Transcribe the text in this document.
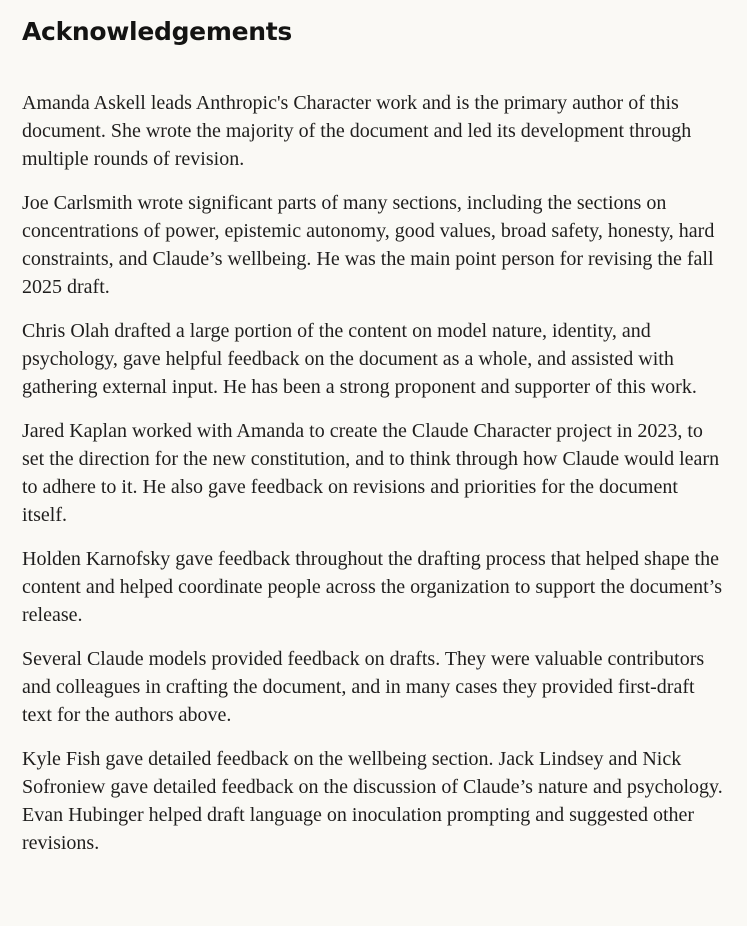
Acknowledgements

Amanda Askell leads Anthropic's Character work and is the primary author of this document. She wrote the majority of the document and led its development through multiple rounds of revision.

Joe Carlsmith wrote significant parts of many sections, including the sections on concentrations of power, epistemic autonomy, good values, broad safety, honesty, hard constraints, and Claude’s wellbeing. He was the main point person for revising the fall 2025 draft.

Chris Olah drafted a large portion of the content on model nature, identity, and psychology, gave helpful feedback on the document as a whole, and assisted with gathering external input. He has been a strong proponent and supporter of this work.

Jared Kaplan worked with Amanda to create the Claude Character project in 2023, to set the direction for the new constitution, and to think through how Claude would learn to adhere to it. He also gave feedback on revisions and priorities for the document itself.

Holden Karnofsky gave feedback throughout the drafting process that helped shape the content and helped coordinate people across the organization to support the document’s release.

Several Claude models provided feedback on drafts. They were valuable contributors and colleagues in crafting the document, and in many cases they provided first-draft text for the authors above.

Kyle Fish gave detailed feedback on the wellbeing section. Jack Lindsey and Nick Sofroniew gave detailed feedback on the discussion of Claude’s nature and psychology. Evan Hubinger helped draft language on inoculation prompting and suggested other revisions.
